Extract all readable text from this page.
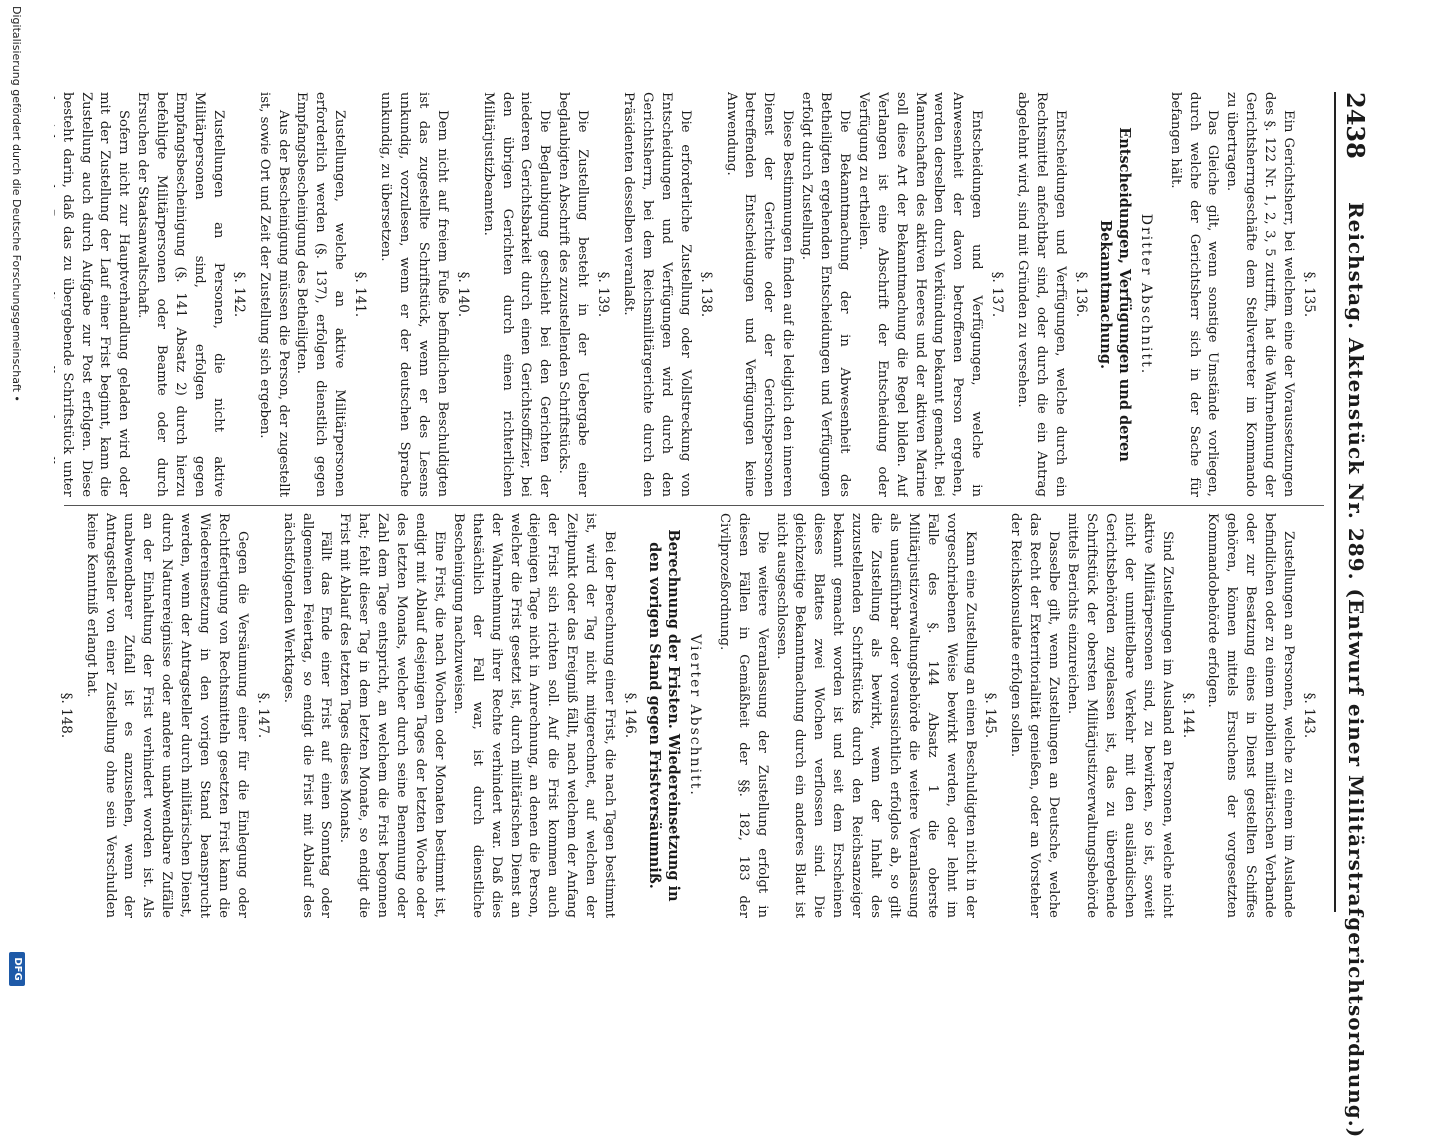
2438
Reichstag. Aktenstück Nr. 289. (Entwurf einer Militärstrafgerichtsordnung.)
§. 135.

Ein Gerichtsherr, bei welchem eine der Voraussetzungen des §. 122 Nr. 1, 2, 3, 5 zutrifft, hat die Wahrnehmung der Gerichtsherrngeschäfte dem Stellvertreter im Kommando zu übertragen.

Das Gleiche gilt, wenn sonstige Umstände vorliegen, durch welche der Gerichtsherr sich in der Sache für befangen hält.

Dritter Abschnitt.
Entscheidungen, Verfügungen und deren Bekanntmachung.
§. 136.

Entscheidungen und Verfügungen, welche durch ein Rechtsmittel anfechtbar sind, oder durch die ein Antrag abgelehnt wird, sind mit Gründen zu versehen.

§. 137.

Entscheidungen und Verfügungen, welche in Anwesenheit der davon betroffenen Person ergehen, werden derselben durch Verkündung bekannt gemacht. Bei Mannschaften des aktiven Heeres und der aktiven Marine soll diese Art der Bekanntmachung die Regel bilden. Auf Verlangen ist eine Abschrift der Entscheidung oder Verfügung zu ertheilen.

Die Bekanntmachung der in Abwesenheit des Betheiligten ergehenden Entscheidungen und Verfügungen erfolgt durch Zustellung.

Diese Bestimmungen finden auf die lediglich den inneren Dienst der Gerichte oder der Gerichtspersonen betreffenden Entscheidungen und Verfügungen keine Anwendung.

§. 138.

Die erforderliche Zustellung oder Vollstreckung von Entscheidungen und Verfügungen wird durch den Gerichtsherrn, bei dem Reichsmilitärgerichte durch den Präsidenten desselben veranlaßt.

§. 139.

Die Zustellung besteht in der Uebergabe einer beglaubigten Abschrift des zuzustellenden Schriftstücks.

Die Beglaubigung geschieht bei den Gerichten der niederen Gerichtsbarkeit durch einen Gerichtsoffizier, bei den übrigen Gerichten durch einen richterlichen Militärjustizbeamten.

§. 140.

Dem nicht auf freiem Fuße befindlichen Beschuldigten ist das zugestellte Schriftstück, wenn er des Lesens unkundig, vorzulesen, wenn er der deutschen Sprache unkundig, zu übersetzen.

§. 141.

Zustellungen, welche an aktive Militärpersonen erforderlich werden (§. 137), erfolgen dienstlich gegen Empfangsbescheinigung des Betheiligten.

Aus der Bescheinigung müssen die Person, der zugestellt ist, sowie Ort und Zeit der Zustellung sich ergeben.

§. 142.

Zustellungen an Personen, die nicht aktive Militärpersonen sind, erfolgen gegen Empfangsbescheinigung (§. 141 Absatz 2) durch hierzu befehligte Militärpersonen oder Beamte oder durch Ersuchen der Staatsanwaltschaft.

Sofern nicht zur Hauptverhandlung geladen wird oder mit der Zustellung der Lauf einer Frist beginnt, kann die Zustellung auch durch Aufgabe zur Post erfolgen. Diese besteht darin, daß das zu übergebende Schriftstück unter

§. 143.

Zustellungen an Personen, welche zu einem im Auslande befindlichen oder zu einem mobilen militärischen Verbande oder zur Besatzung eines in Dienst gestellten Schiffes gehören, können mittels Ersuchens der vorgesetzten Kommandobehörde erfolgen.

§. 144.

Sind Zustellungen im Ausland an Personen, welche nicht aktive Militärpersonen sind, zu bewirken, so ist, soweit nicht der unmittelbare Verkehr mit den ausländischen Gerichtsbehörden zugelassen ist, das zu übergebende Schriftstück der obersten Militärjustizverwaltungsbehörde mittels Berichts einzureichen.

Dasselbe gilt, wenn Zustellungen an Deutsche, welche das Recht der Exterritorialität genießen, oder an Vorsteher der Reichskonsulate erfolgen sollen.

§. 145.

Kann eine Zustellung an einen Beschuldigten nicht in der vorgeschriebenen Weise bewirkt werden, oder lehnt im Falle des §. 144 Absatz 1 die oberste Militärjustizverwaltungsbehörde die weitere Veranlassung als unausführbar oder voraussichtlich erfolglos ab, so gilt die Zustellung als bewirkt, wenn der Inhalt des zuzustellenden Schriftstücks durch den Reichsanzeiger bekannt gemacht worden ist und seit dem Erscheinen dieses Blattes zwei Wochen verflossen sind. Die gleichzeitige Bekanntmachung durch ein anderes Blatt ist nicht ausgeschlossen.

Die weitere Veranlassung der Zustellung erfolgt in diesen Fällen in Gemäßheit der §§. 182, 183 der Civilprozeßordnung.

Vierter Abschnitt.
Berechnung der Fristen. Wiedereinsetzung in den vorigen Stand gegen Fristversäumniß.
§. 146.

Bei der Berechnung einer Frist, die nach Tagen bestimmt ist, wird der Tag nicht mitgerechnet, auf welchen der Zeitpunkt oder das Ereigniß fällt, nach welchem der Anfang der Frist sich richten soll. Auf die Frist kommen auch diejenigen Tage nicht in Anrechnung, an denen die Person, welcher die Frist gesetzt ist, durch militärischen Dienst an der Wahrnehmung ihrer Rechte verhindert war. Daß dies thatsächlich der Fall war, ist durch dienstliche Bescheinigung nachzuweisen.

Eine Frist, die nach Wochen oder Monaten bestimmt ist, endigt mit Ablauf desjenigen Tages der letzten Woche oder des letzten Monats, welcher durch seine Benennung oder Zahl dem Tage entspricht, an welchem die Frist begonnen hat; fehlt dieser Tag in dem letzten Monate, so endigt die Frist mit Ablauf des letzten Tages dieses Monats.

Fällt das Ende einer Frist auf einen Sonntag oder allgemeinen Feiertag, so endigt die Frist mit Ablauf des nächstfolgenden Werktages.

§. 147.

Gegen die Versäumung einer für die Einlegung oder Rechtfertigung von Rechtsmitteln gesetzten Frist kann die Wiedereinsetzung in den vorigen Stand beansprucht werden, wenn der Antragsteller durch militärischen Dienst, durch Naturereignisse oder andere unabwendbare Zufälle an der Einhaltung der Frist verhindert worden ist. Als unabwendbarer Zufall ist es anzusehen, wenn der Antragsteller von einer Zustellung ohne sein Verschulden keine Kenntniß erlangt hat.

§. 148.

Digitalisierung gefördert durch die Deutsche Forschungsgemeinschaft •
DFG
